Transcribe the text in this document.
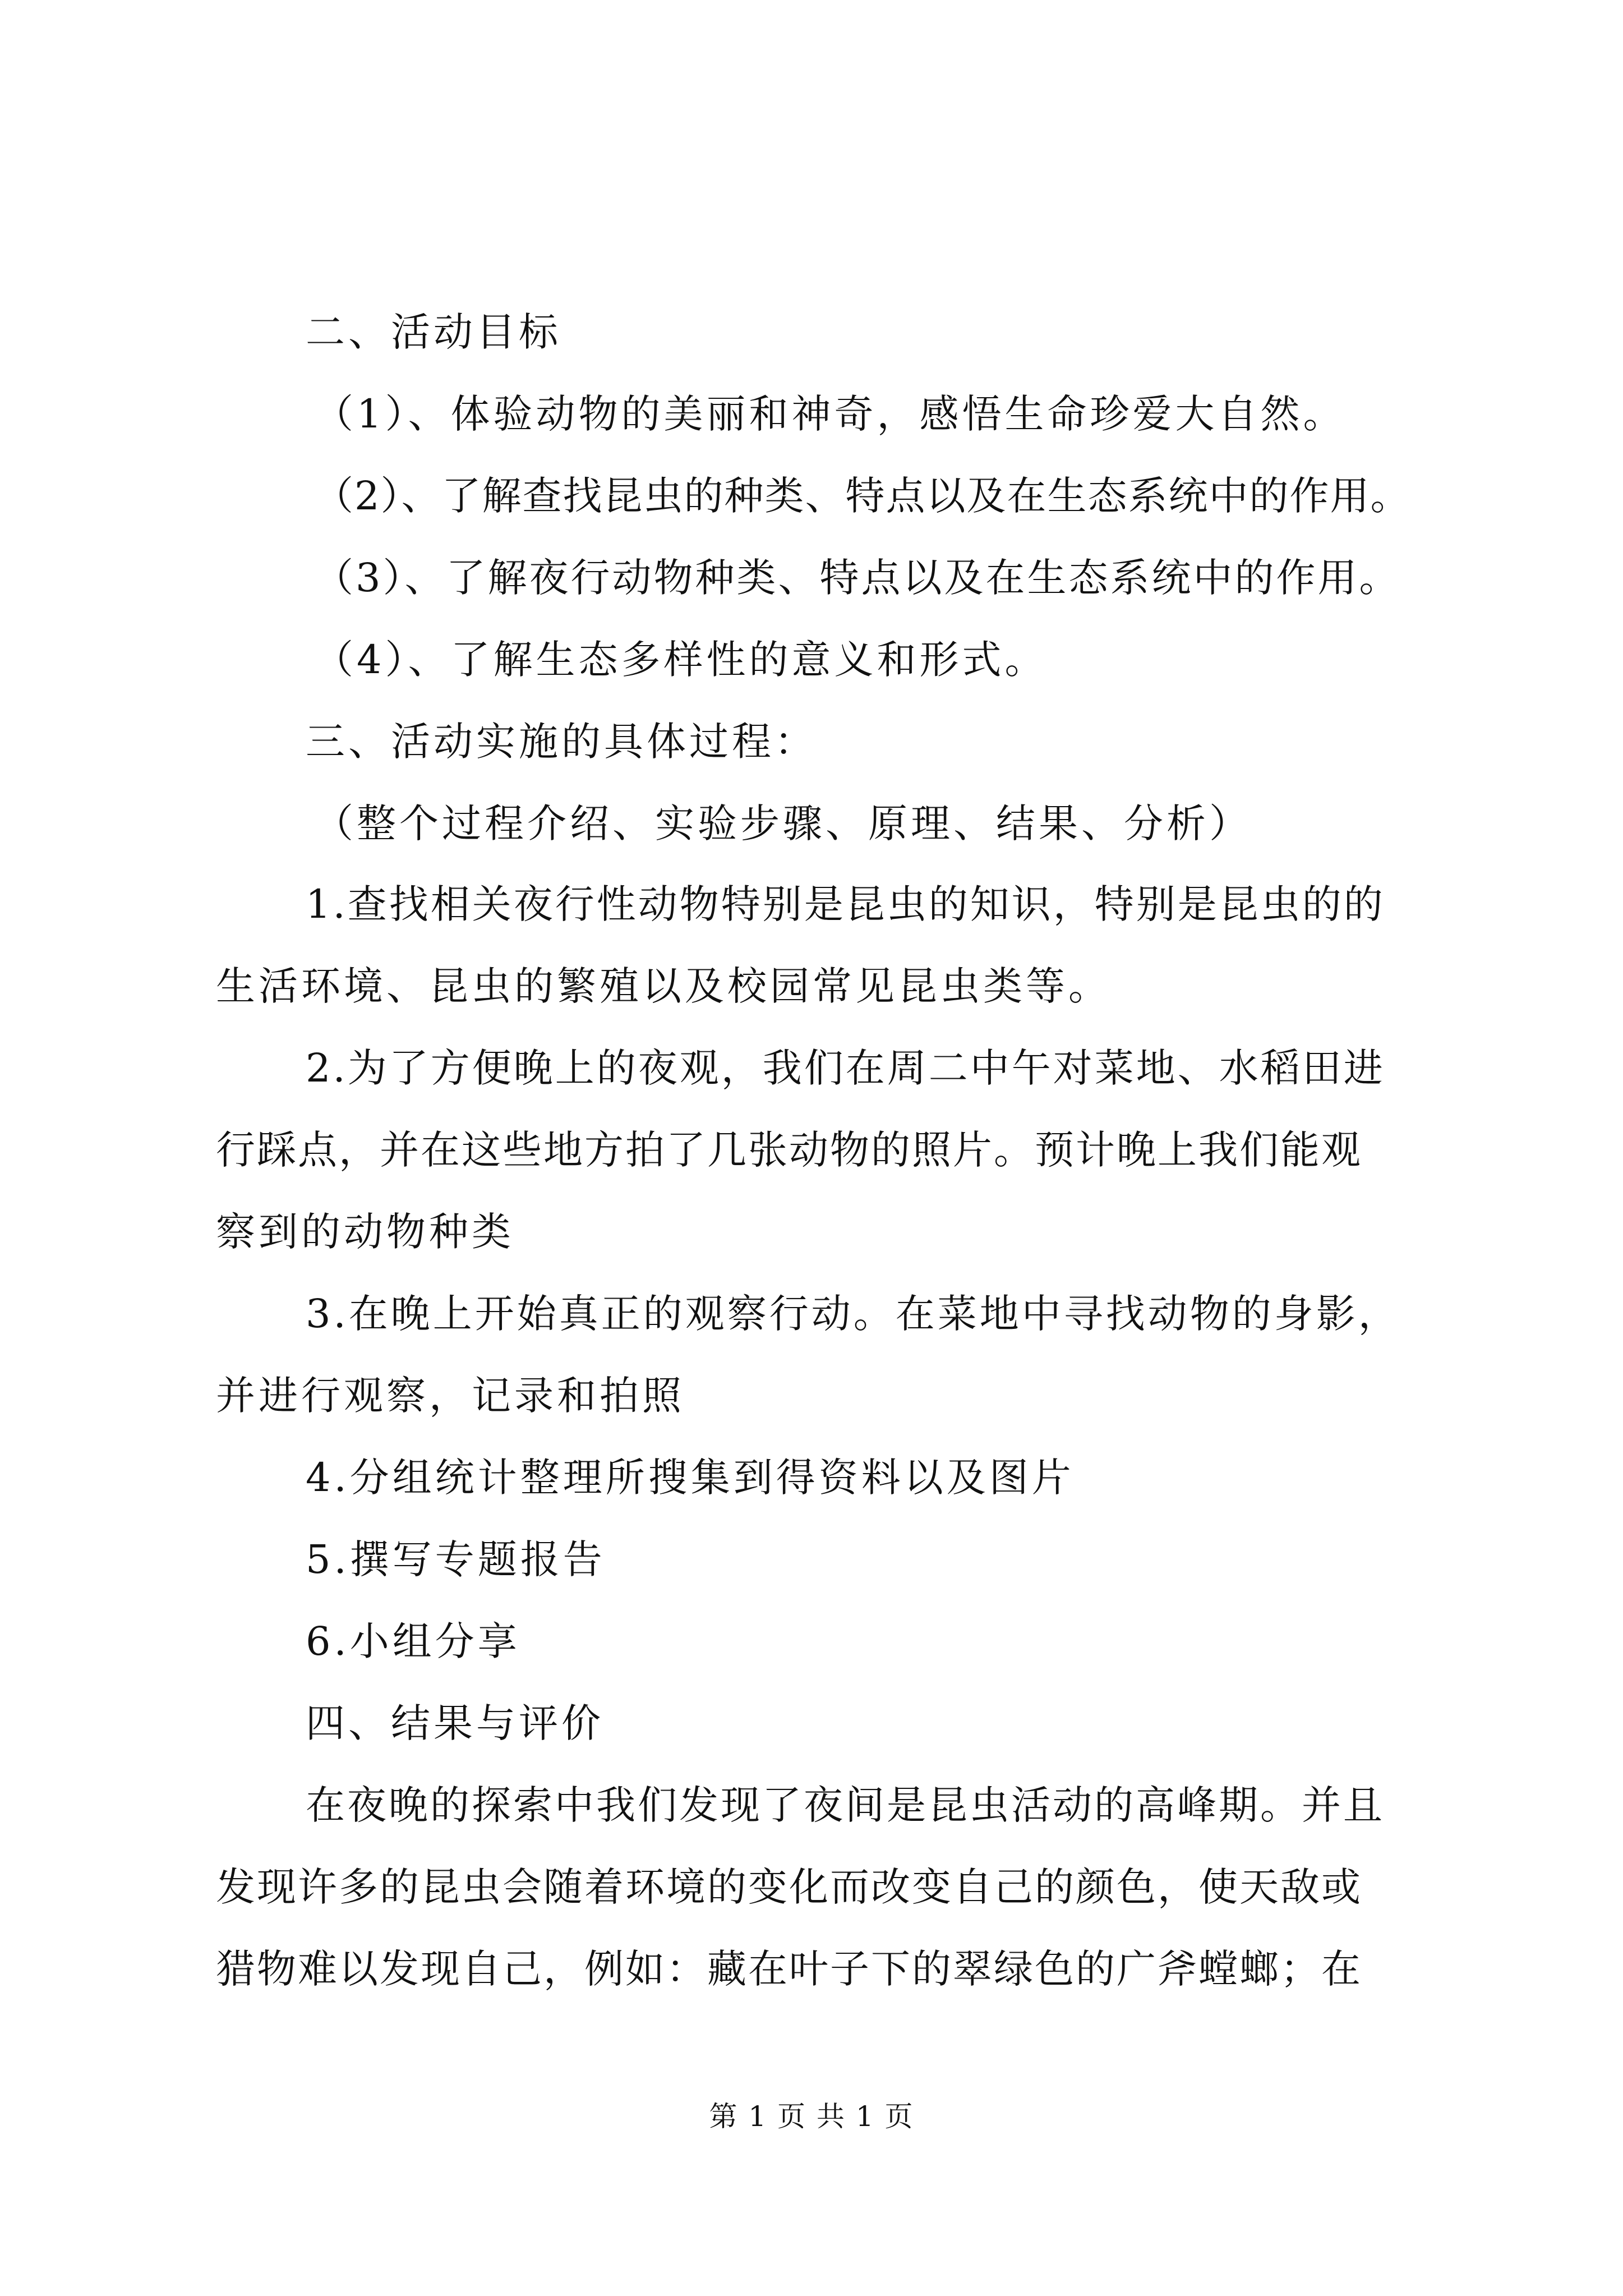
二、活动目标
（1）、体验动物的美丽和神奇，感悟生命珍爱大自然。
（2）、了解查找昆虫的种类、特点以及在生态系统中的作用。
（3）、了解夜行动物种类、特点以及在生态系统中的作用。
（4）、了解生态多样性的意义和形式。
三、活动实施的具体过程：
（整个过程介绍、实验步骤、原理、结果、分析）
1.查找相关夜行性动物特别是昆虫的知识，特别是昆虫的的
生活环境、昆虫的繁殖以及校园常见昆虫类等。
2.为了方便晚上的夜观，我们在周二中午对菜地、水稻田进
行踩点，并在这些地方拍了几张动物的照片。预计晚上我们能观
察到的动物种类
3.在晚上开始真正的观察行动。在菜地中寻找动物的身影，
并进行观察，记录和拍照
4.分组统计整理所搜集到得资料以及图片
5.撰写专题报告
6.小组分享
四、结果与评价
在夜晚的探索中我们发现了夜间是昆虫活动的高峰期。并且
发现许多的昆虫会随着环境的变化而改变自己的颜色，使天敌或
猎物难以发现自己，例如：藏在叶子下的翠绿色的广斧螳螂；在
第 1 页 共 1 页
